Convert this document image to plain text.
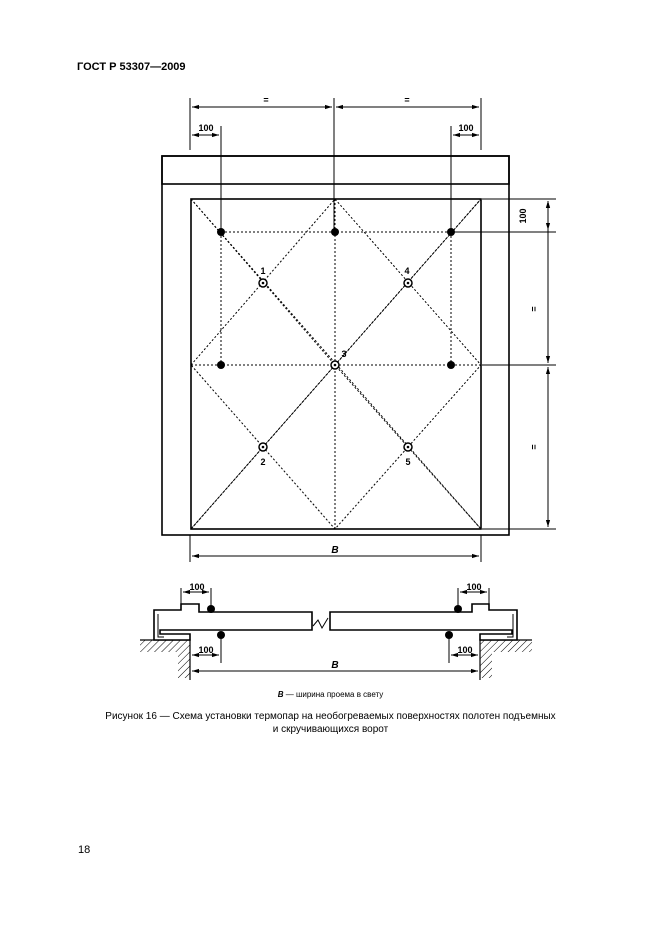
ГОСТ Р 53307—2009
=	=
100	100
100
=
=
B
1
2
3
4
5
100	100
100	100
B
B — ширина проема в свету
Рисунок 16 — Схема установки термопар на необогреваемых поверхностях полотен подъемных
и скручивающихся ворот
18
